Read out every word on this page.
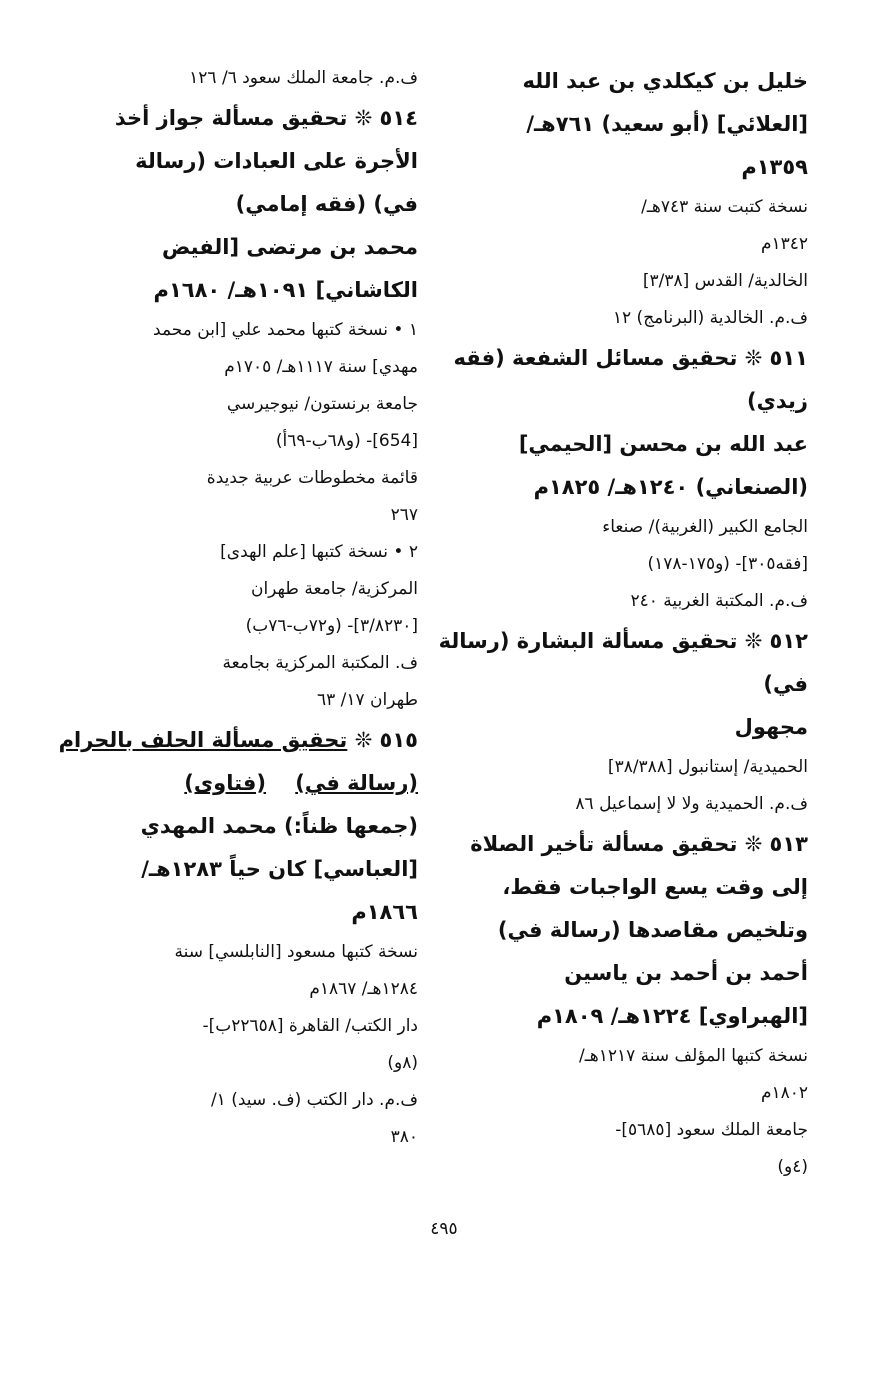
خليل بن كيكلدي بن عبد الله
[العلائي] (أبو سعيد) ٧٦١هـ/
١٣٥٩م
نسخة كتبت سنة ٧٤٣هـ/
١٣٤٢م
الخالدية/ القدس [٣/٣٨]
ف.م. الخالدية (البرنامج) ١٢
٥١١ ❊ تحقيق مسائل الشفعة (فقه
زيدي)
عبد الله بن محسن [الحيمي]
(الصنعاني) ١٢٤٠هـ/ ١٨٢٥م
الجامع الكبير (الغربية)/ صنعاء
[فقه٣٠٥]- (و١٧٥-١٧٨)
ف.م. المكتبة الغربية ٢٤٠
٥١٢ ❊ تحقيق مسألة البشارة (رسالة
في)
مجهول
الحميدية/ إستانبول [٣٨/٣٨٨]
ف.م. الحميدية ولا لا إسماعيل ٨٦
٥١٣ ❊ تحقيق مسألة تأخير الصلاة
إلى وقت يسع الواجبات فقط،
وتلخيص مقاصدها (رسالة في)
أحمد بن أحمد بن ياسين
[الهبراوي] ١٢٢٤هـ/ ١٨٠٩م
نسخة كتبها المؤلف سنة ١٢١٧هـ/
١٨٠٢م
جامعة الملك سعود [٥٦٨٥]-
(٤و)
ف.م. جامعة الملك سعود ٦/ ١٢٦
٥١٤ ❊ تحقيق مسألة جواز أخذ
الأجرة على العبادات (رسالة
في) (فقه إمامي)
محمد بن مرتضى [الفيض
الكاشاني] ١٠٩١هـ/ ١٦٨٠م
١ • نسخة كتبها محمد علي [ابن محمد
مهدي] سنة ١١١٧هـ/ ١٧٠٥م
جامعة برنستون/ نيوجيرسي
[654]- (و٦٨ب-٦٩أ)
قائمة مخطوطات عربية جديدة
٢٦٧
٢ • نسخة كتبها [علم الهدى]
المركزية/ جامعة طهران
[٣/٨٢٣٠]- (و٧٢ب-٧٦ب)
ف. المكتبة المركزية بجامعة
طهران ١٧/ ٦٣
٥١٥ ❊ تحقيق مسألة الحلف بالحرام
(رسالة في)    (فتاوى)
(جمعها ظناً:) محمد المهدي
[العباسي] كان حياً ١٢٨٣هـ/
١٨٦٦م
نسخة كتبها مسعود [النابلسي] سنة
١٢٨٤هـ/ ١٨٦٧م
دار الكتب/ القاهرة [٢٢٦٥٨ب]-
(٨و)
ف.م. دار الكتب (ف. سيد) ١/
٣٨٠
٤٩٥
